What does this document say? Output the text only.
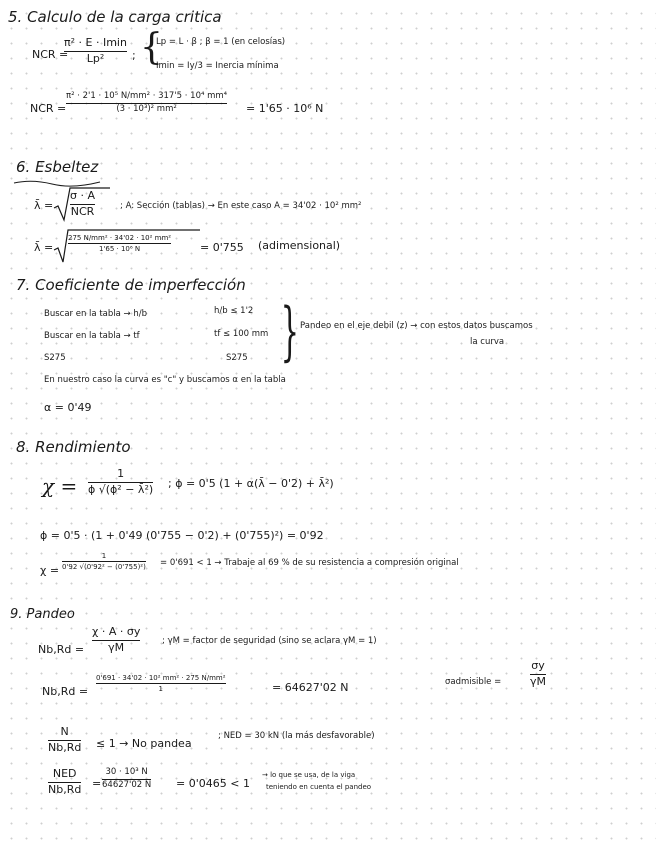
5. Calculo de la carga critica
NCR =
π² · E · Imin
Lp²	; {
Lp = L · β ; β = 1 (en celosías)
Imin = Iy/3 = Inercia mínima
NCR =
π² · 2'1 · 10⁵ N/mm² · 317'5 · 10⁴ mm⁴
(3 · 10³)² mm²	= 1'65 · 10⁶ N
6. Esbeltez
λ̄ =
σ · A
NCR	; A: Sección (tablas) → En este caso A = 34'02 · 10² mm²
λ̄ =
275 N/mm² · 34'02 · 10² mm²
1'65 · 10⁶ N	= 0'755 (adimensional)
7. Coeficiente de imperfección
Buscar en la tabla → h/b	h/b ≤ 1'2
Buscar en la tabla → tf	tf ≤ 100 mm
S275	S275 { Pandeo en el eje debil (z) → con estos datos buscamos
la curva
En nuestro caso la curva es "c" y buscamos α en la tabla
α = 0'49
8. Rendimiento
χ =
1
ϕ √(ϕ² − λ̄²) ; ϕ = 0'5 (1 + α(λ̄ − 0'2) + λ̄²)
ϕ = 0'5 · (1 + 0'49 (0'755 − 0'2) + (0'755)²) = 0'92
χ =
1
0'92 √(0'92² − (0'755)²) = 0'691 < 1 → Trabaje al 69 % de su resistencia a compresión original
9. Pandeo
Nb,Rd =
χ · A · σy
γM	; γM = factor de seguridad (sino se aclara γM = 1)
Nb,Rd =
0'691 · 34'02 · 10² mm² · 275 N/mm²
1	= 64627'02 N	σadmisible =
σy
γM
N
Nb,Rd ≤ 1 → No pandea
; NED = 30 kN (la más desfavorable)
NED
Nb,Rd =
30 · 10³ N
64627'02 N = 0'0465 < 1
→ lo que se usa, de la viga
teniendo en cuenta el pandeo
